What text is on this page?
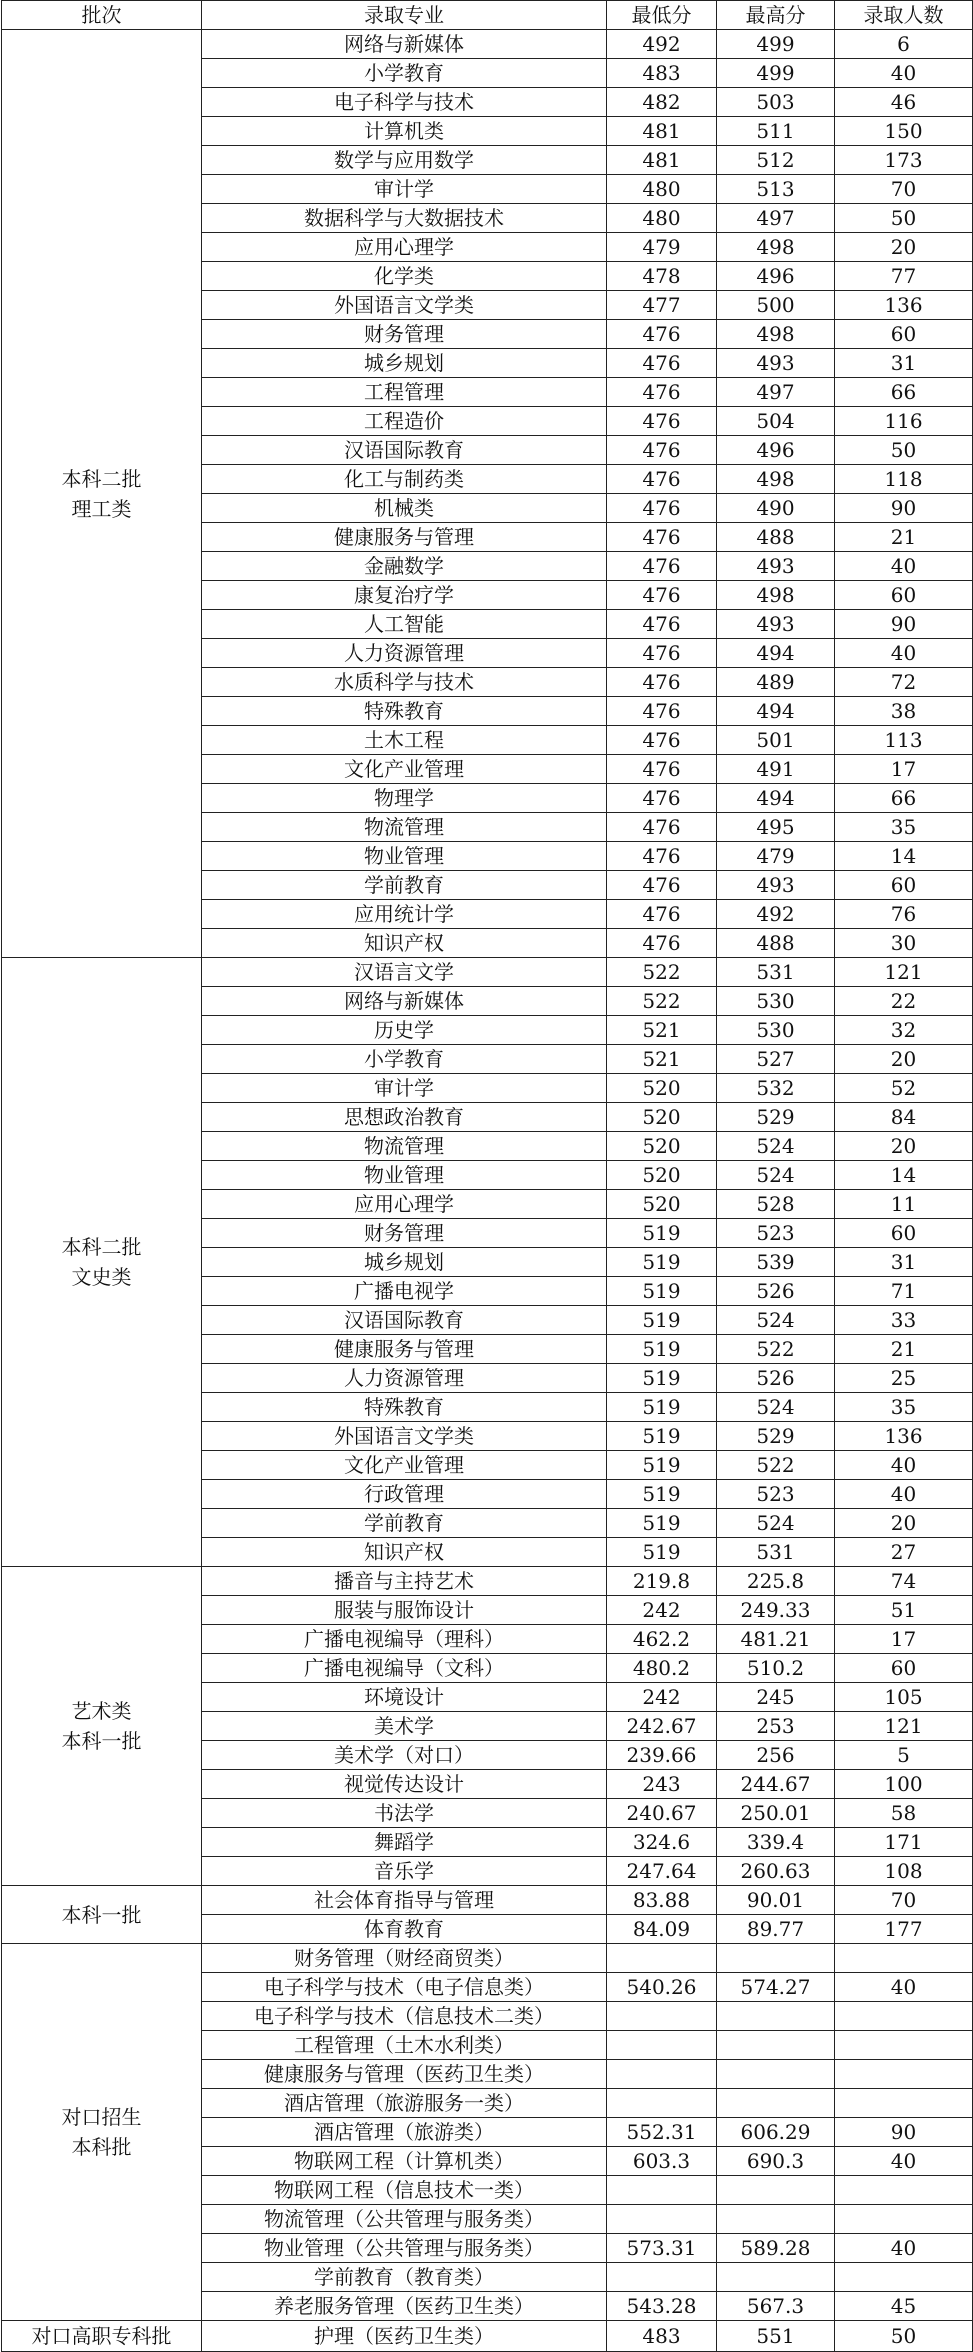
批次	录取专业	最低分	最高分	录取人数
本科二批
理工类	网络与新媒体	492	499	6
	小学教育	483	499	40
	电子科学与技术	482	503	46
	计算机类	481	511	150
	数学与应用数学	481	512	173
	审计学	480	513	70
	数据科学与大数据技术	480	497	50
	应用心理学	479	498	20
	化学类	478	496	77
	外国语言文学类	477	500	136
	财务管理	476	498	60
	城乡规划	476	493	31
	工程管理	476	497	66
	工程造价	476	504	116
	汉语国际教育	476	496	50
	化工与制药类	476	498	118
	机械类	476	490	90
	健康服务与管理	476	488	21
	金融数学	476	493	40
	康复治疗学	476	498	60
	人工智能	476	493	90
	人力资源管理	476	494	40
	水质科学与技术	476	489	72
	特殊教育	476	494	38
	土木工程	476	501	113
	文化产业管理	476	491	17
	物理学	476	494	66
	物流管理	476	495	35
	物业管理	476	479	14
	学前教育	476	493	60
	应用统计学	476	492	76
	知识产权	476	488	30
本科二批
文史类	汉语言文学	522	531	121
	网络与新媒体	522	530	22
	历史学	521	530	32
	小学教育	521	527	20
	审计学	520	532	52
	思想政治教育	520	529	84
	物流管理	520	524	20
	物业管理	520	524	14
	应用心理学	520	528	11
	财务管理	519	523	60
	城乡规划	519	539	31
	广播电视学	519	526	71
	汉语国际教育	519	524	33
	健康服务与管理	519	522	21
	人力资源管理	519	526	25
	特殊教育	519	524	35
	外国语言文学类	519	529	136
	文化产业管理	519	522	40
	行政管理	519	523	40
	学前教育	519	524	20
	知识产权	519	531	27
艺术类
本科一批	播音与主持艺术	219.8	225.8	74
	服装与服饰设计	242	249.33	51
	广播电视编导（理科）	462.2	481.21	17
	广播电视编导（文科）	480.2	510.2	60
	环境设计	242	245	105
	美术学	242.67	253	121
	美术学（对口）	239.66	256	5
	视觉传达设计	243	244.67	100
	书法学	240.67	250.01	58
	舞蹈学	324.6	339.4	171
	音乐学	247.64	260.63	108
本科一批	社会体育指导与管理	83.88	90.01	70
	体育教育	84.09	89.77	177
对口招生
本科批	财务管理（财经商贸类）			
	电子科学与技术（电子信息类）	540.26	574.27	40
	电子科学与技术（信息技术二类）			
	工程管理（土木水利类）			
	健康服务与管理（医药卫生类）			
	酒店管理（旅游服务一类）			
	酒店管理（旅游类）	552.31	606.29	90
	物联网工程（计算机类）	603.3	690.3	40
	物联网工程（信息技术一类）			
	物流管理（公共管理与服务类）			
	物业管理（公共管理与服务类）	573.31	589.28	40
	学前教育（教育类）			
	养老服务管理（医药卫生类）	543.28	567.3	45
对口高职专科批	护理（医药卫生类）	483	551	50
